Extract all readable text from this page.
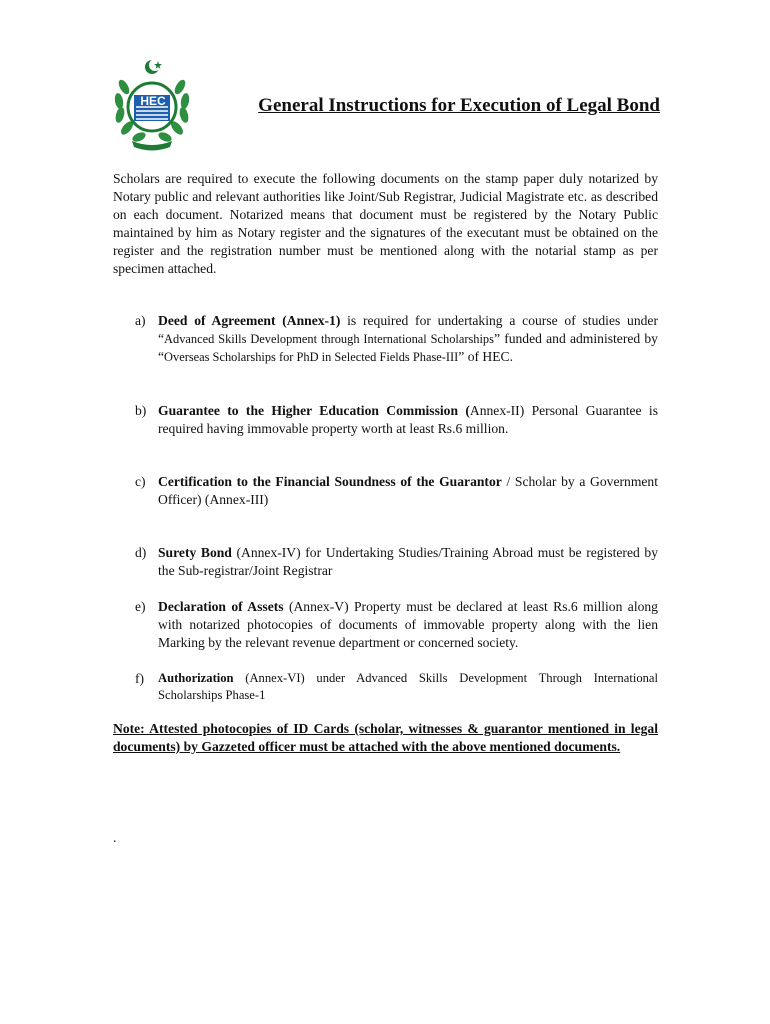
HEC	General Instructions for Execution of Legal Bond
Scholars are required to execute the following documents on the stamp paper duly notarized by Notary public and relevant authorities like Joint/Sub Registrar, Judicial Magistrate etc. as described on each document. Notarized means that document must be registered by the Notary Public maintained by him as Notary register and the signatures of the executant must be obtained on the register and the registration number must be mentioned along with the notarial stamp as per specimen attached.
a) Deed of Agreement (Annex-1) is required for undertaking a course of studies under “Advanced Skills Development through International Scholarships” funded and administered by “Overseas Scholarships for PhD in Selected Fields Phase-III” of HEC.
b) Guarantee to the Higher Education Commission (Annex-II) Personal Guarantee is required having immovable property worth at least Rs.6 million.
c) Certification to the Financial Soundness of the Guarantor / Scholar by a Government Officer) (Annex-III)
d) Surety Bond (Annex-IV) for Undertaking Studies/Training Abroad must be registered by the Sub-registrar/Joint Registrar
e) Declaration of Assets (Annex-V) Property must be declared at least Rs.6 million along with notarized photocopies of documents of immovable property along with the lien Marking by the relevant revenue department or concerned society.
f) Authorization (Annex-VI) under Advanced Skills Development Through International Scholarships Phase-1
Note: Attested photocopies of ID Cards (scholar, witnesses & guarantor mentioned in legal documents) by Gazzeted officer must be attached with the above mentioned documents.
.
